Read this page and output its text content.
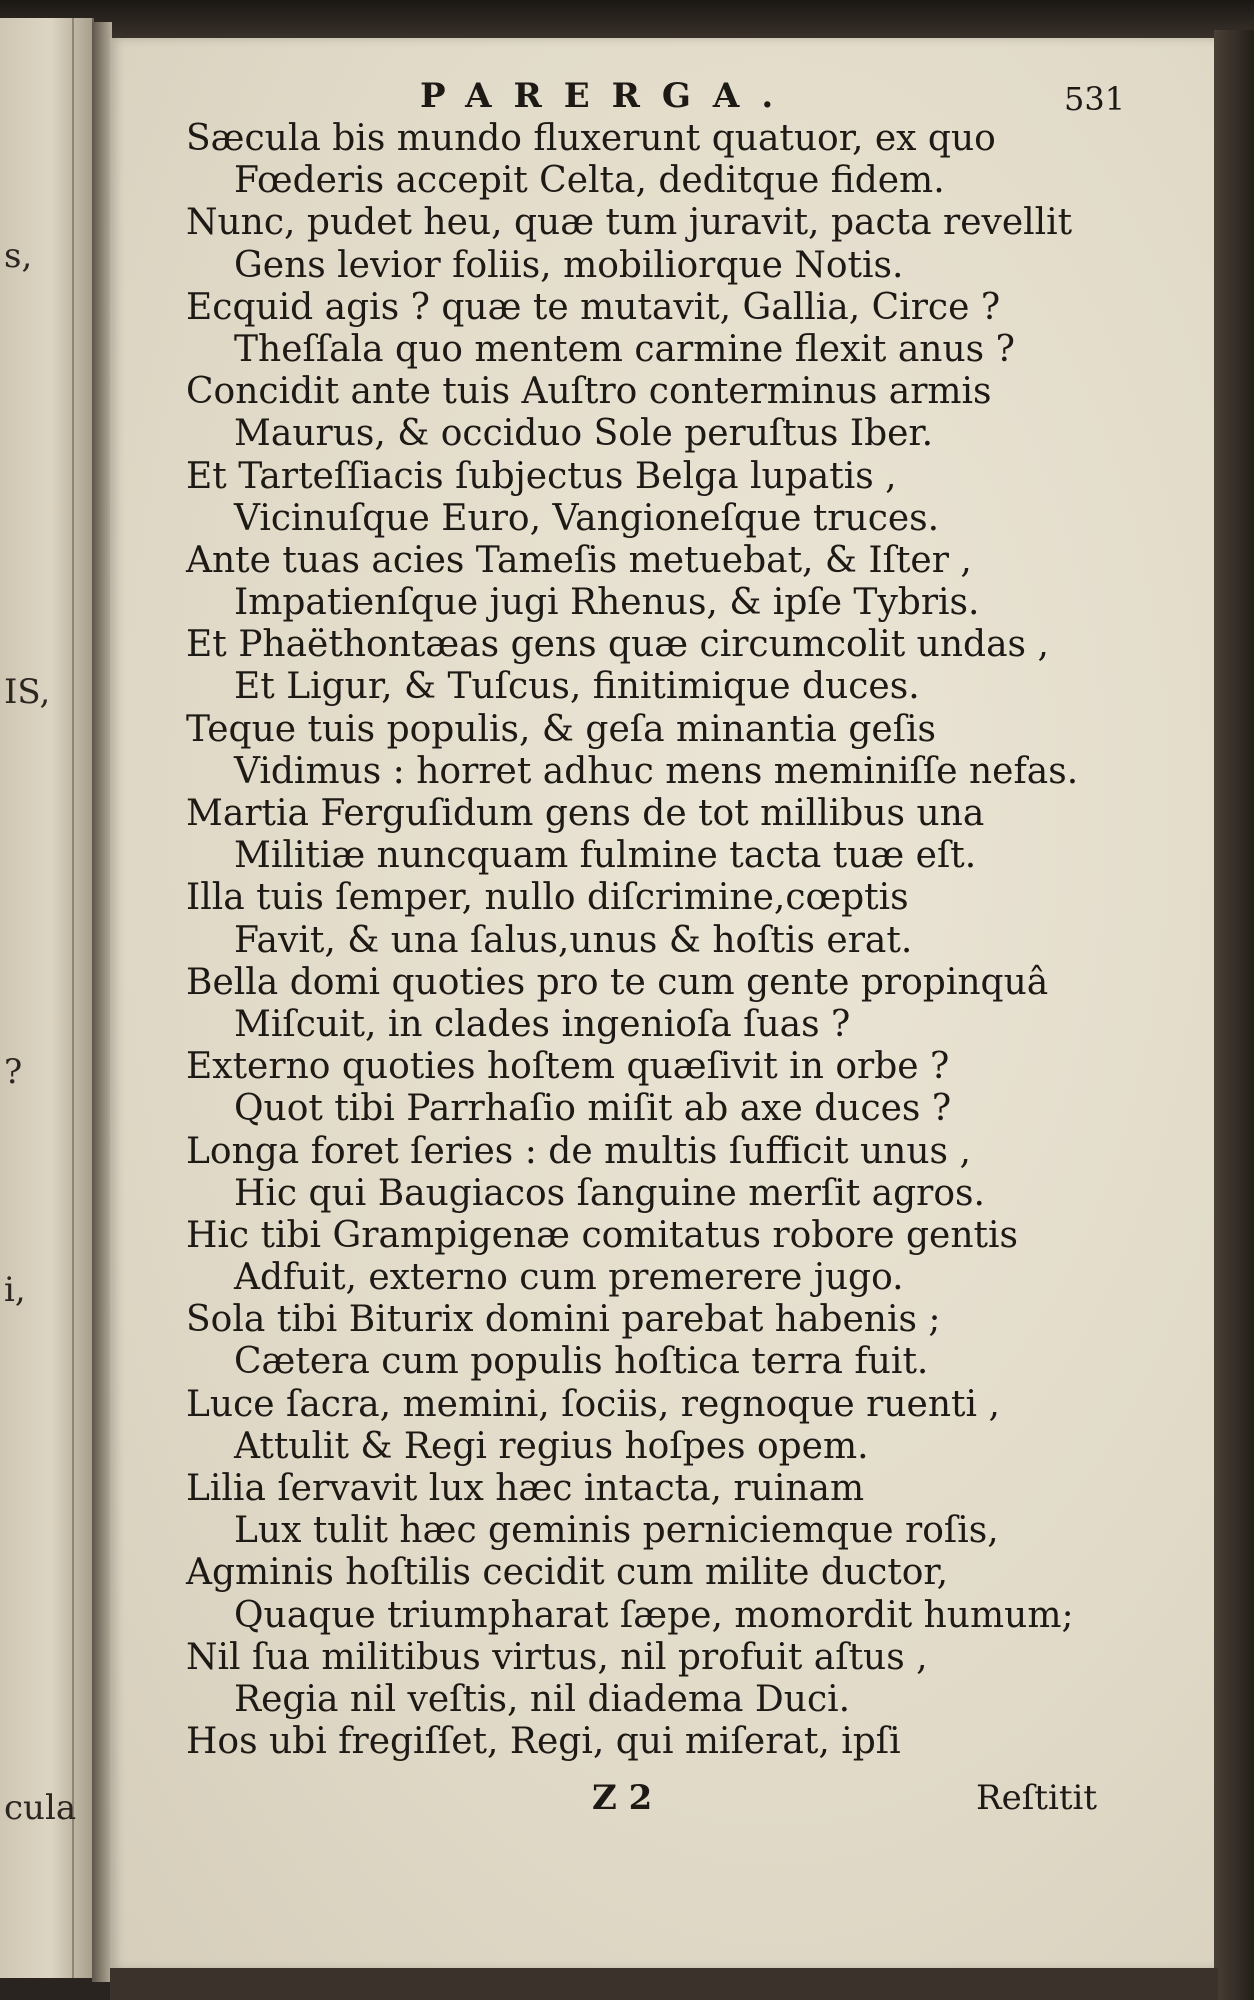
s,
IS,
?
i,
cula
PARERGA.	531
Sæcula bis mundo fluxerunt quatuor, ex quo
Fœderis accepit Celta, deditque fidem.
Nunc, pudet heu, quæ tum juravit, pacta revellit
Gens levior foliis, mobiliorque Notis.
Ecquid agis ? quæ te mutavit, Gallia, Circe ?
Theſſala quo mentem carmine flexit anus ?
Concidit ante tuis Auſtro conterminus armis
Maurus, & occiduo Sole peruſtus Iber.
Et Tarteſſiacis ſubjectus Belga lupatis ,
Vicinuſque Euro, Vangioneſque truces.
Ante tuas acies Tameſis metuebat, & Iſter ,
Impatienſque jugi Rhenus, & ipſe Tybris.
Et Phaëthontæas gens quæ circumcolit undas ,
Et Ligur, & Tuſcus, finitimique duces.
Teque tuis populis, & geſa minantia geſis
Vidimus : horret adhuc mens meminiſſe nefas.
Martia Ferguſidum gens de tot millibus una
Militiæ nuncquam fulmine tacta tuæ eſt.
Illa tuis ſemper, nullo diſcrimine,cœptis
Favit, & una ſalus,unus & hoſtis erat.
Bella domi quoties pro te cum gente propinquâ
Miſcuit, in clades ingenioſa ſuas ?
Externo quoties hoſtem quæſivit in orbe ?
Quot tibi Parrhaſio miſit ab axe duces ?
Longa foret ſeries : de multis ſufficit unus ,
Hic qui Baugiacos ſanguine merſit agros.
Hic tibi Grampigenæ comitatus robore gentis
Adfuit, externo cum premerere jugo.
Sola tibi Biturix domini parebat habenis ;
Cætera cum populis hoſtica terra fuit.
Luce ſacra, memini, ſociis, regnoque ruenti ,
Attulit & Regi regius hoſpes opem.
Lilia ſervavit lux hæc intacta, ruinam
Lux tulit hæc geminis perniciemque roſis,
Agminis hoſtilis cecidit cum milite ductor,
Quaque triumpharat ſæpe, momordit humum;
Nil ſua militibus virtus, nil profuit aſtus ,
Regia nil veſtis, nil diadema Duci.
Hos ubi fregiſſet, Regi, qui miſerat, ipſi
Z 2	Reſtitit
